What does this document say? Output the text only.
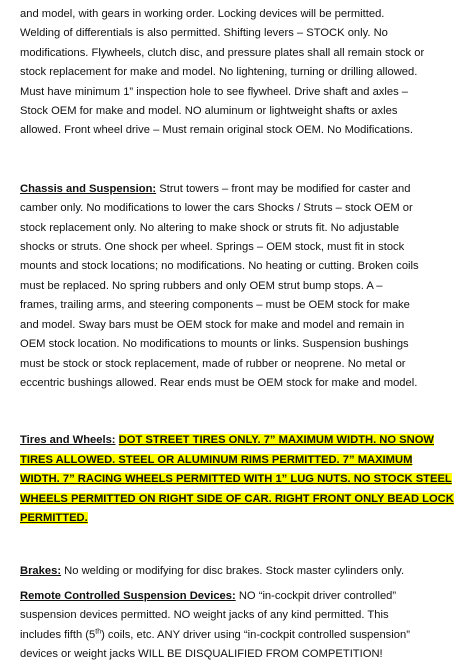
and model, with gears in working order. Locking devices will be permitted.
Welding of differentials is also permitted. Shifting levers – STOCK only. No
modifications. Flywheels, clutch disc, and pressure plates shall all remain stock or
stock replacement for make and model. No lightening, turning or drilling allowed.
Must have minimum 1” inspection hole to see flywheel. Drive shaft and axles –
Stock OEM for make and model. NO aluminum or lightweight shafts or axles
allowed. Front wheel drive – Must remain original stock OEM. No Modifications.
Chassis and Suspension: Strut towers – front may be modified for caster and
camber only. No modifications to lower the cars Shocks / Struts – stock OEM or
stock replacement only. No altering to make shock or struts fit. No adjustable
shocks or struts. One shock per wheel. Springs – OEM stock, must fit in stock
mounts and stock locations; no modifications. No heating or cutting. Broken coils
must be replaced. No spring rubbers and only OEM strut bump stops. A –
frames, trailing arms, and steering components – must be OEM stock for make
and model. Sway bars must be OEM stock for make and model and remain in
OEM stock location. No modifications to mounts or links. Suspension bushings
must be stock or stock replacement, made of rubber or neoprene. No metal or
eccentric bushings allowed. Rear ends must be OEM stock for make and model.
Tires and Wheels: DOT STREET TIRES ONLY. 7” MAXIMUM WIDTH. NO SNOW
TIRES ALLOWED. STEEL OR ALUMINUM RIMS PERMITTED. 7” MAXIMUM
WIDTH. 7” RACING WHEELS PERMITTED WITH 1” LUG NUTS. NO STOCK STEEL
WHEELS PERMITTED ON RIGHT SIDE OF CAR. RIGHT FRONT ONLY BEAD LOCK
PERMITTED.
Brakes: No welding or modifying for disc brakes. Stock master cylinders only.
Remote Controlled Suspension Devices: NO “in-cockpit driver controlled”
suspension devices permitted. NO weight jacks of any kind permitted. This
includes fifth (5th) coils, etc. ANY driver using “in-cockpit controlled suspension”
devices or weight jacks WILL BE DISQUALIFIED FROM COMPETITION!
